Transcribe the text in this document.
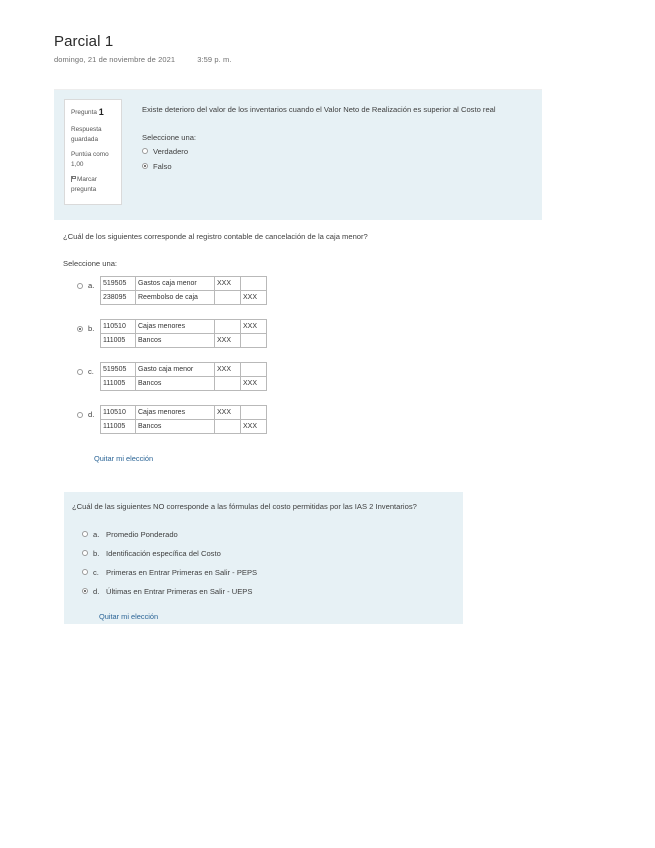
Parcial 1
domingo, 21 de noviembre de 2021	3:59 p. m.
Pregunta 1
Respuesta guardada
Puntúa como 1,00
Marcar pregunta
Existe deterioro del valor de los inventarios cuando el Valor Neto de Realización es superior al Costo real
Seleccione una:
Verdadero
Falso
¿Cuál de los siguientes corresponde al registro contable de cancelación de la caja menor?
Seleccione una:
a.	519505	Gastos caja menor	XXX	
238095	Reembolso de caja		XXX
b.	110510	Cajas menores		XXX
111005	Bancos	XXX	
c.	519505	Gasto caja menor	XXX	
111005	Bancos		XXX
d.	110510	Cajas menores	XXX	
111005	Bancos		XXX
Quitar mi elección
¿Cuál de las siguientes NO corresponde a las fórmulas del costo permitidas por las IAS 2 Inventarios?
a. Promedio Ponderado
b. Identificación específica del Costo
c. Primeras en Entrar Primeras en Salir - PEPS
d. Últimas en Entrar Primeras en Salir - UEPS
Quitar mi elección
